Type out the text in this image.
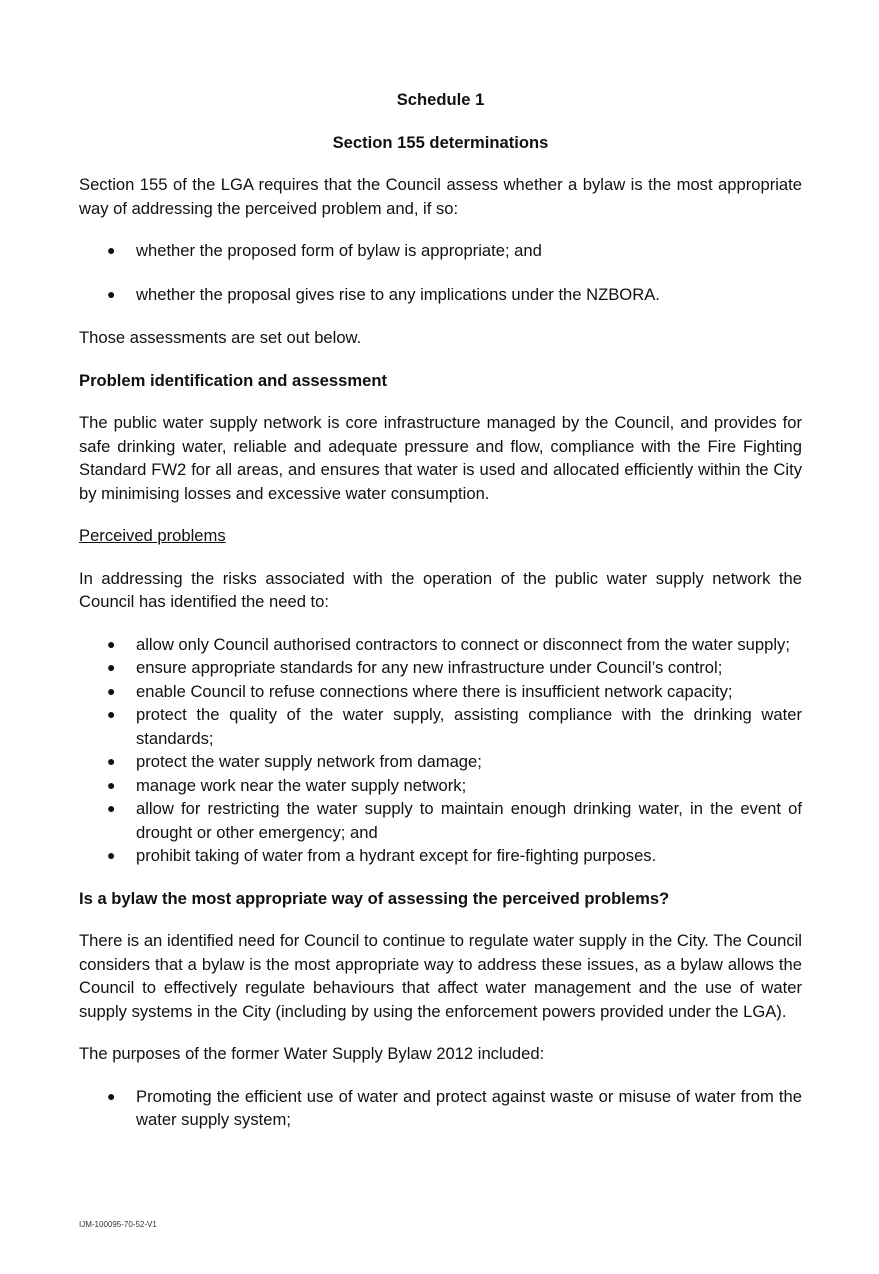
Schedule 1
Section 155 determinations

Section 155 of the LGA requires that the Council assess whether a bylaw is the most appropriate way of addressing the perceived problem and, if so:

● whether the proposed form of bylaw is appropriate; and
● whether the proposal gives rise to any implications under the NZBORA.

Those assessments are set out below.

Problem identification and assessment

The public water supply network is core infrastructure managed by the Council, and provides for safe drinking water, reliable and adequate pressure and flow, compliance with the Fire Fighting Standard FW2 for all areas, and ensures that water is used and allocated efficiently within the City by minimising losses and excessive water consumption.

Perceived problems

In addressing the risks associated with the operation of the public water supply network the Council has identified the need to:

● allow only Council authorised contractors to connect or disconnect from the water supply;
● ensure appropriate standards for any new infrastructure under Council’s control;
● enable Council to refuse connections where there is insufficient network capacity;
● protect the quality of the water supply, assisting compliance with the drinking water standards;
● protect the water supply network from damage;
● manage work near the water supply network;
● allow for restricting the water supply to maintain enough drinking water, in the event of drought or other emergency; and
● prohibit taking of water from a hydrant except for fire-fighting purposes.

Is a bylaw the most appropriate way of assessing the perceived problems?

There is an identified need for Council to continue to regulate water supply in the City. The Council considers that a bylaw is the most appropriate way to address these issues, as a bylaw allows the Council to effectively regulate behaviours that affect water management and the use of water supply systems in the City (including by using the enforcement powers provided under the LGA).

The purposes of the former Water Supply Bylaw 2012 included:

● Promoting the efficient use of water and protect against waste or misuse of water from the water supply system;
IJM-100095-70-52-V1
